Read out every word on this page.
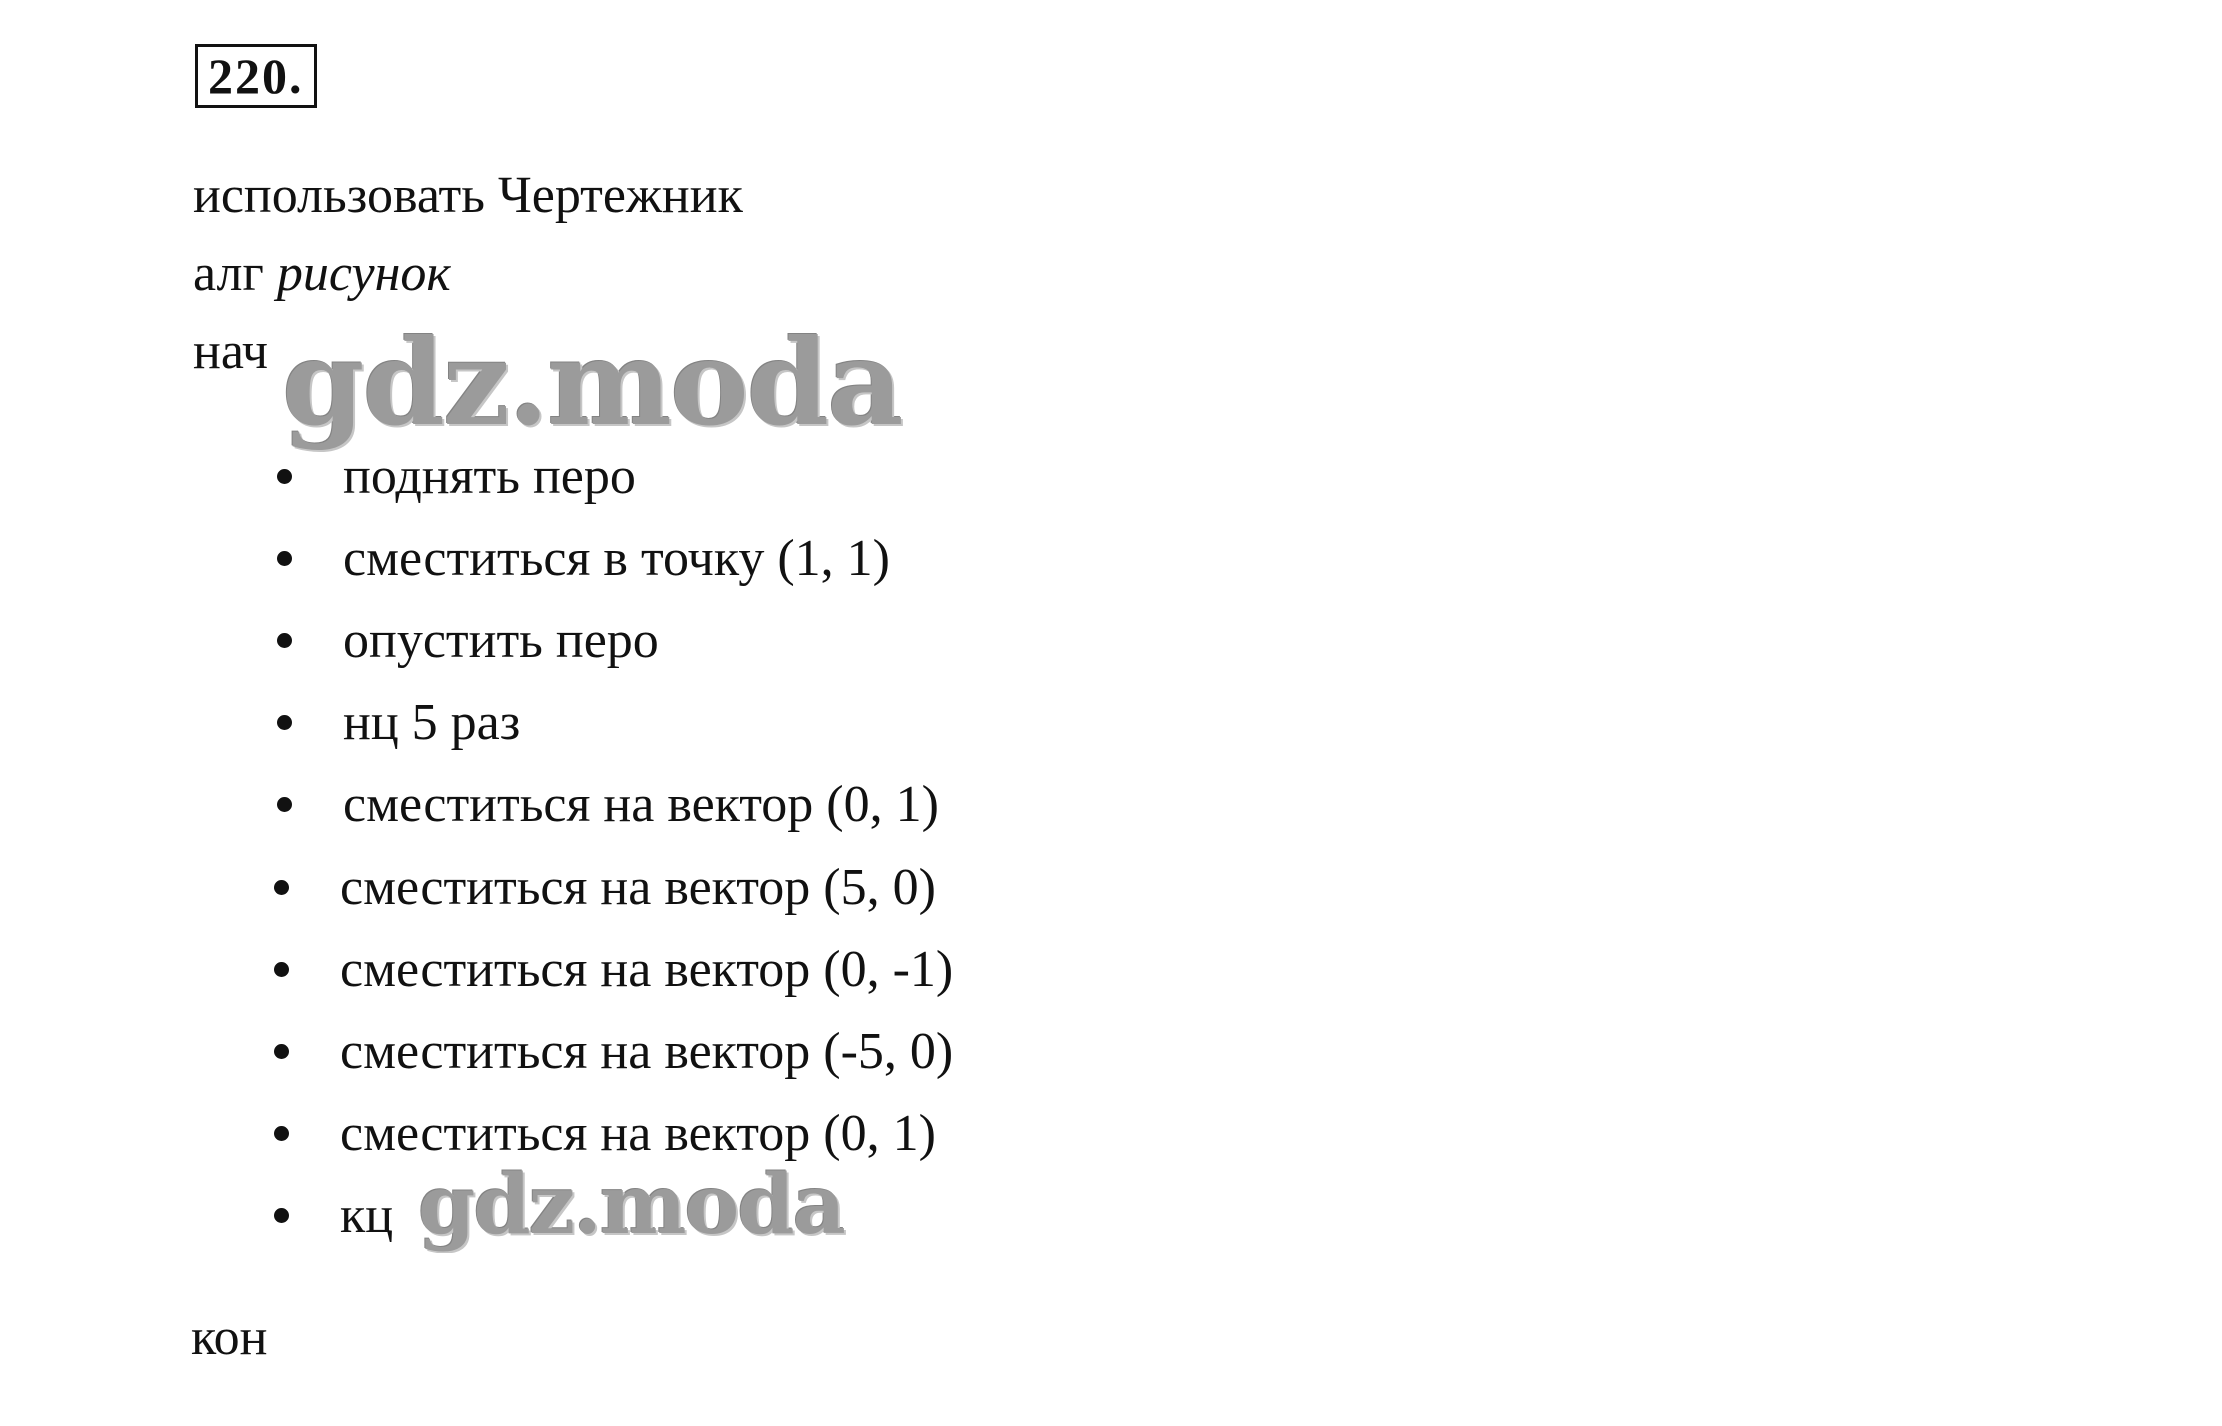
220.
использовать Чертежник
алг рисунок
нач
поднять перо
сместиться в точку (1, 1)
опустить перо
нц 5 раз
сместиться на вектор (0, 1)
сместиться на вектор (5, 0)
сместиться на вектор (0, -1)
сместиться на вектор (-5, 0)
сместиться на вектор (0, 1)
кц
кон
gdz.moda
gdz.moda
